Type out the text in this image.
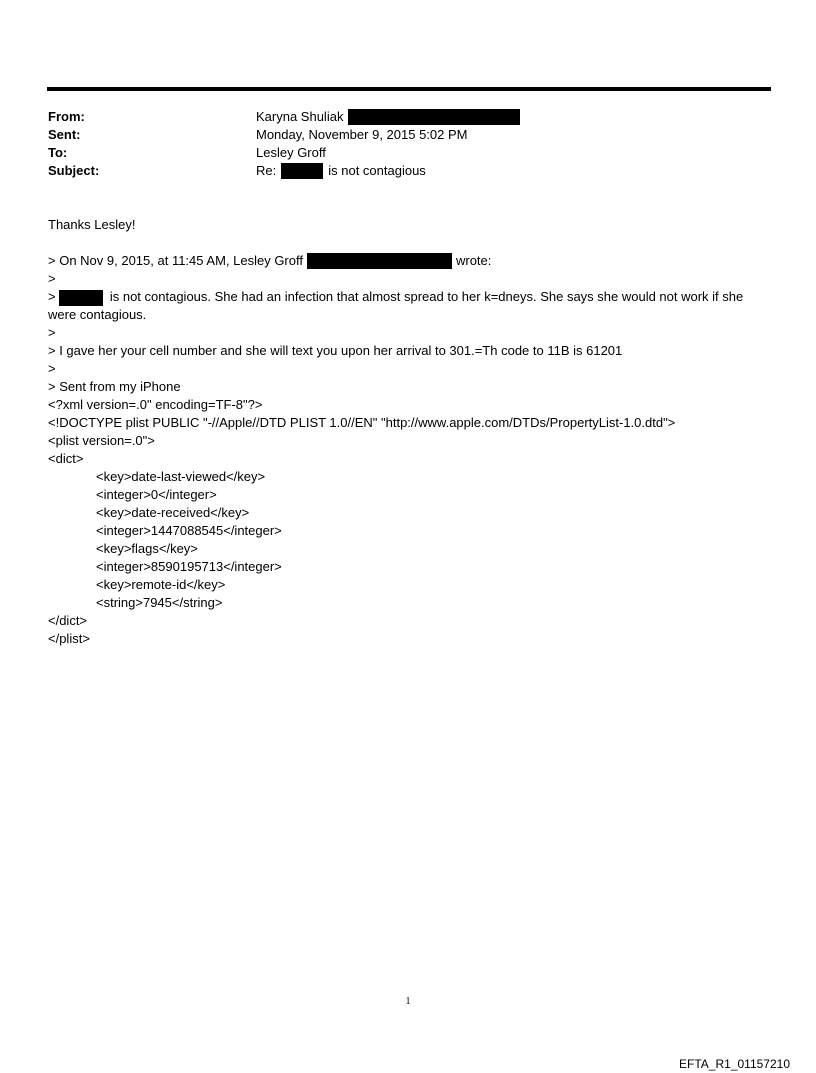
From:	Karyna Shuliak
Sent:	Monday, November 9, 2015 5:02 PM
To:	Lesley Groff
Subject:	Re:	is not contagious
Thanks Lesley!
> On Nov 9, 2015, at 11:45 AM, Lesley Groff	wrote:
>
>	is not contagious. She had an infection that almost spread to her k=dneys. She says she would not work if she were contagious.
>
> I gave her your cell number and she will text you upon her arrival to 301.=Th code to 11B is 61201
>
> Sent from my iPhone
<?xml version=.0" encoding=TF-8"?>
<!DOCTYPE plist PUBLIC "-//Apple//DTD PLIST 1.0//EN" "http://www.apple.com/DTDs/PropertyList-1.0.dtd">
<plist version=.0">
<dict>
<key>date-last-viewed</key>
<integer>0</integer>
<key>date-received</key>
<integer>1447088545</integer>
<key>flags</key>
<integer>8590195713</integer>
<key>remote-id</key>
<string>7945</string>
</dict>
</plist>
1
EFTA_R1_01157210
